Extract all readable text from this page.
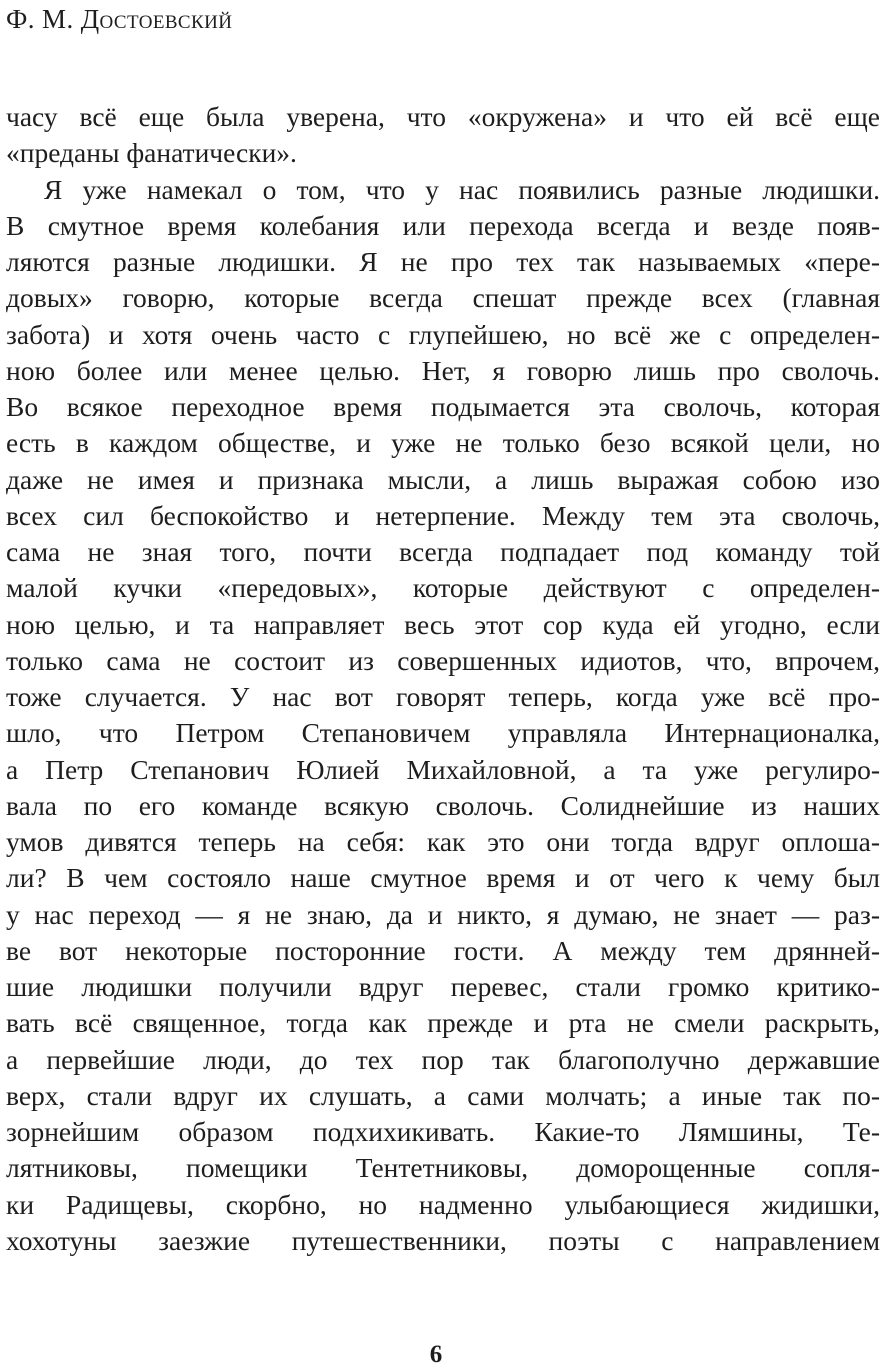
Ф. М. Достоевский
часу всё еще была уверена, что «окружена» и что ей всё еще
«преданы фанатически».
Я уже намекал о том, что у нас появились разные людишки.
В смутное время колебания или перехода всегда и везде появ-
ляются разные людишки. Я не про тех так называемых «пере-
довых» говорю, которые всегда спешат прежде всех (главная
забота) и хотя очень часто с глупейшею, но всё же с определен-
ною более или менее целью. Нет, я говорю лишь про сволочь.
Во всякое переходное время подымается эта сволочь, которая
есть в каждом обществе, и уже не только безо всякой цели, но
даже не имея и признака мысли, а лишь выражая собою изо
всех сил беспокойство и нетерпение. Между тем эта сволочь,
сама не зная того, почти всегда подпадает под команду той
малой кучки «передовых», которые действуют с определен-
ною целью, и та направляет весь этот сор куда ей угодно, если
только сама не состоит из совершенных идиотов, что, впрочем,
тоже случается. У нас вот говорят теперь, когда уже всё про-
шло, что Петром Степановичем управляла Интернационалка,
а Петр Степанович Юлией Михайловной, а та уже регулиро-
вала по его команде всякую сволочь. Солиднейшие из наших
умов дивятся теперь на себя: как это они тогда вдруг оплоша-
ли? В чем состояло наше смутное время и от чего к чему был
у нас переход — я не знаю, да и никто, я думаю, не знает — раз-
ве вот некоторые посторонние гости. А между тем дрянней-
шие людишки получили вдруг перевес, стали громко критико-
вать всё священное, тогда как прежде и рта не смели раскрыть,
а первейшие люди, до тех пор так благополучно державшие
верх, стали вдруг их слушать, а сами молчать; а иные так по-
зорнейшим образом подхихикивать. Какие-то Лямшины, Те-
лятниковы, помещики Тентетниковы, доморощенные сопля-
ки Радищевы, скорбно, но надменно улыбающиеся жидишки,
хохотуны заезжие путешественники, поэты с направлением
6
